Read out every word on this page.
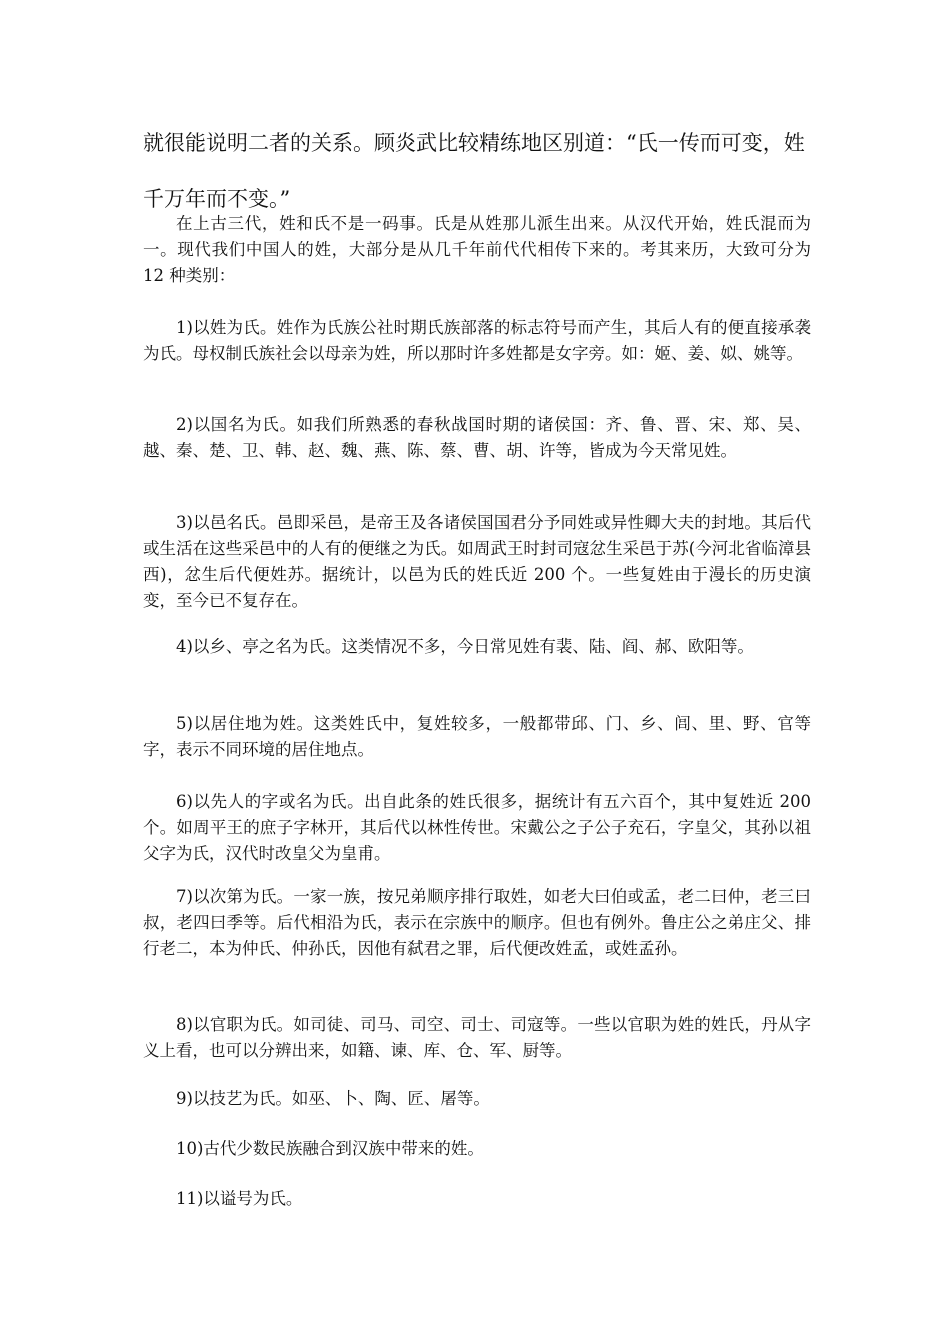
就很能说明二者的关系。顾炎武比较精练地区别道：“氏一传而可变，姓千万年而不变。”

在上古三代，姓和氏不是一码事。氏是从姓那儿派生出来。从汉代开始，姓氏混而为一。现代我们中国人的姓，大部分是从几千年前代代相传下来的。考其来历，大致可分为 12 种类别：

1)以姓为氏。姓作为氏族公社时期氏族部落的标志符号而产生，其后人有的便直接承袭为氏。母权制氏族社会以母亲为姓，所以那时许多姓都是女字旁。如：姬、姜、姒、姚等。

2)以国名为氏。如我们所熟悉的春秋战国时期的诸侯国：齐、鲁、晋、宋、郑、吴、越、秦、楚、卫、韩、赵、魏、燕、陈、蔡、曹、胡、许等，皆成为今天常见姓。

3)以邑名氏。邑即采邑，是帝王及各诸侯国国君分予同姓或异性卿大夫的封地。其后代或生活在这些采邑中的人有的便继之为氏。如周武王时封司寇忿生采邑于苏(今河北省临漳县西)，忿生后代便姓苏。据统计，以邑为氏的姓氏近 200 个。一些复姓由于漫长的历史演变，至今已不复存在。

4)以乡、亭之名为氏。这类情况不多，今日常见姓有裴、陆、阎、郝、欧阳等。

5)以居住地为姓。这类姓氏中，复姓较多，一般都带邱、门、乡、闾、里、野、官等字，表示不同环境的居住地点。

6)以先人的字或名为氏。出自此条的姓氏很多，据统计有五六百个，其中复姓近 200 个。如周平王的庶子字林开，其后代以林性传世。宋戴公之子公子充石，字皇父，其孙以祖父字为氏，汉代时改皇父为皇甫。

7)以次第为氏。一家一族，按兄弟顺序排行取姓，如老大曰伯或孟，老二曰仲，老三曰叔，老四曰季等。后代相沿为氏，表示在宗族中的顺序。但也有例外。鲁庄公之弟庄父、排行老二，本为仲氏、仲孙氏，因他有弑君之罪，后代便改姓孟，或姓孟孙。

8)以官职为氏。如司徒、司马、司空、司士、司寇等。一些以官职为姓的姓氏，丹从字义上看，也可以分辨出来，如籍、谏、库、仓、军、厨等。

9)以技艺为氏。如巫、卜、陶、匠、屠等。

10)古代少数民族融合到汉族中带来的姓。

11)以谥号为氏。
